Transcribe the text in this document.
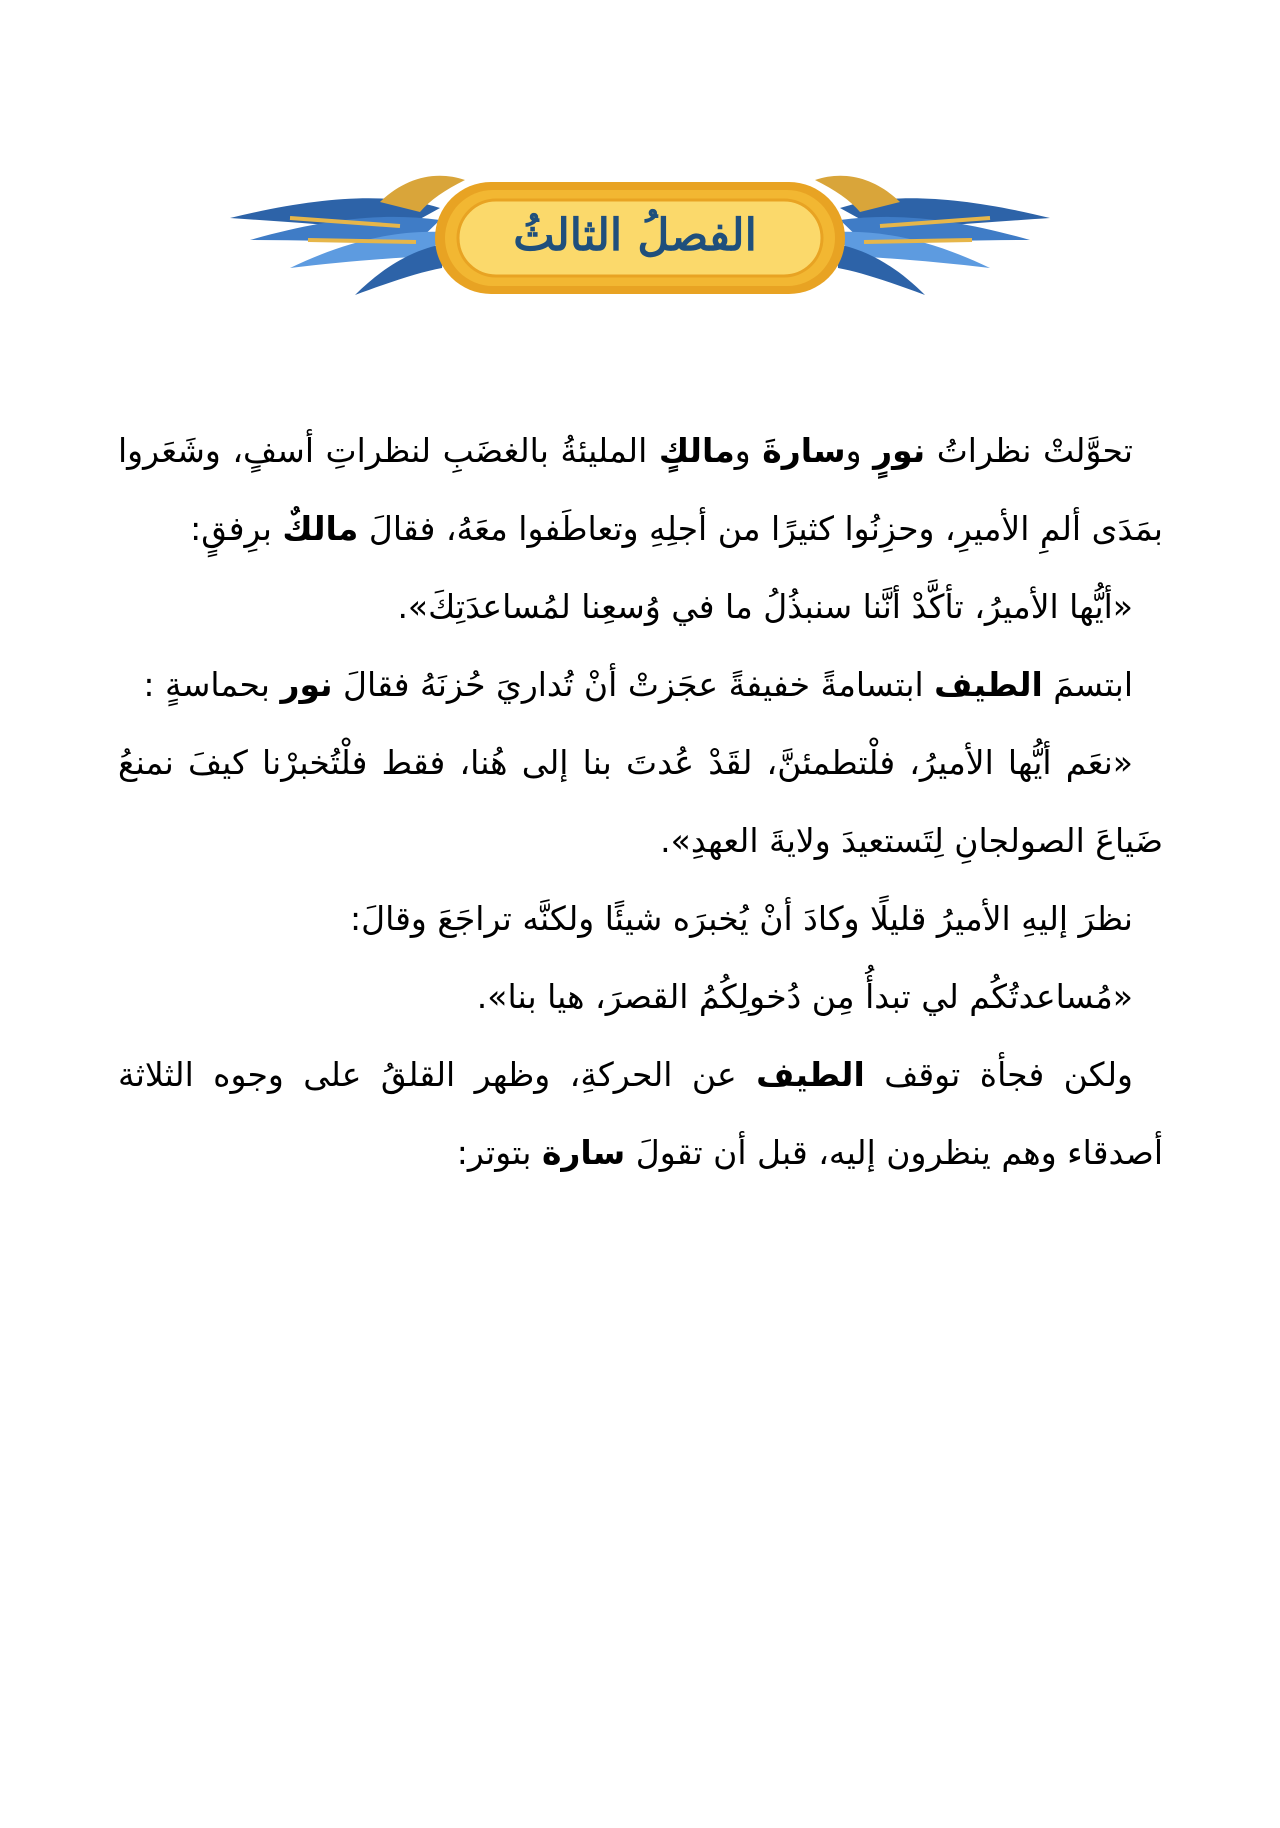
الفصلُ الثالثُ

تحوَّلتْ نظراتُ نورٍ وسارةَ ومالكٍ المليئةُ بالغضَبِ لنظراتِ أسفٍ، وشَعَروا بمَدَى ألمِ الأميرِ، وحزِنُوا كثيرًا من أجلِهِ وتعاطَفوا معَهُ، فقالَ مالكٌ برِفقٍ:

«أيُّها الأميرُ، تأكَّدْ أنَّنا سنبذُلُ ما في وُسعِنا لمُساعدَتِكَ».

ابتسمَ الطيف ابتسامةً خفيفةً عجَزتْ أنْ تُداريَ حُزنَهُ فقالَ نور بحماسةٍ :

«نعَم أيُّها الأميرُ، فلْتطمئنَّ، لقَدْ عُدتَ بنا إلى هُنا، فقط فلْتُخبرْنا كيفَ نمنعُ ضَياعَ الصولجانِ لِتَستعيدَ ولايةَ العهدِ».

نظرَ إليهِ الأميرُ قليلًا وكادَ أنْ يُخبرَه شيئًا ولكنَّه تراجَعَ وقالَ:

«مُساعدتُكُم لي تبدأُ مِن دُخولِكُمُ القصرَ، هيا بنا».

ولكن فجأة توقف الطيف عن الحركةِ، وظهر القلقُ على وجوه الثلاثة أصدقاء وهم ينظرون إليه، قبل أن تقولَ سارة بتوتر:
